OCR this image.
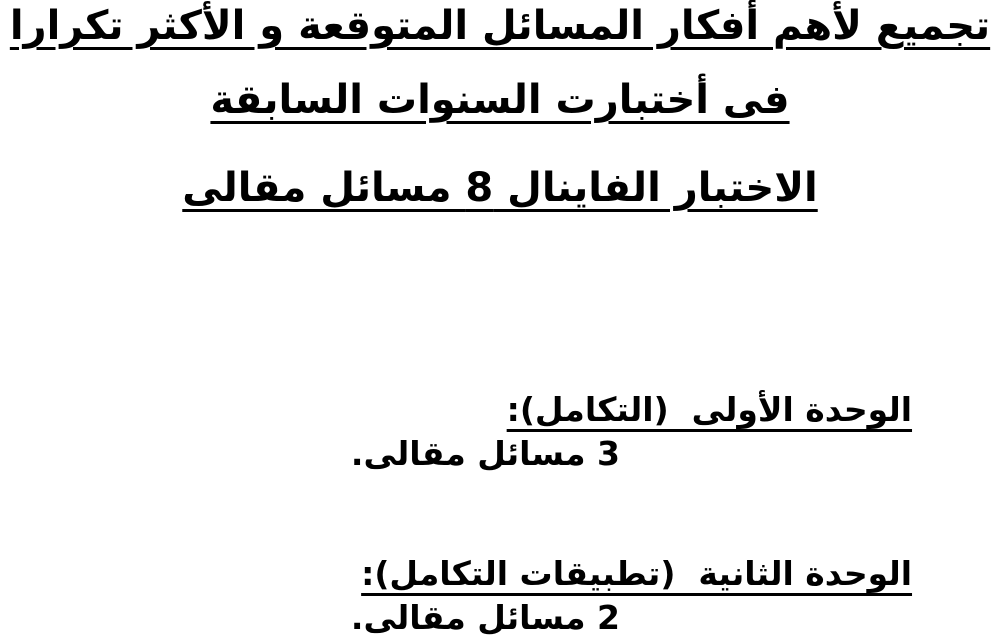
تجميع لأهم أفكار المسائل المتوقعة و الأكثر تكرارا
فى أختبارت السنوات السابقة
الاختبار الفاينال 8 مسائل مقالى

الوحدة الأولى  (التكامل):

3 مسائل مقالى.

الوحدة الثانية  (تطبيقات التكامل):

2 مسائل مقالى.
